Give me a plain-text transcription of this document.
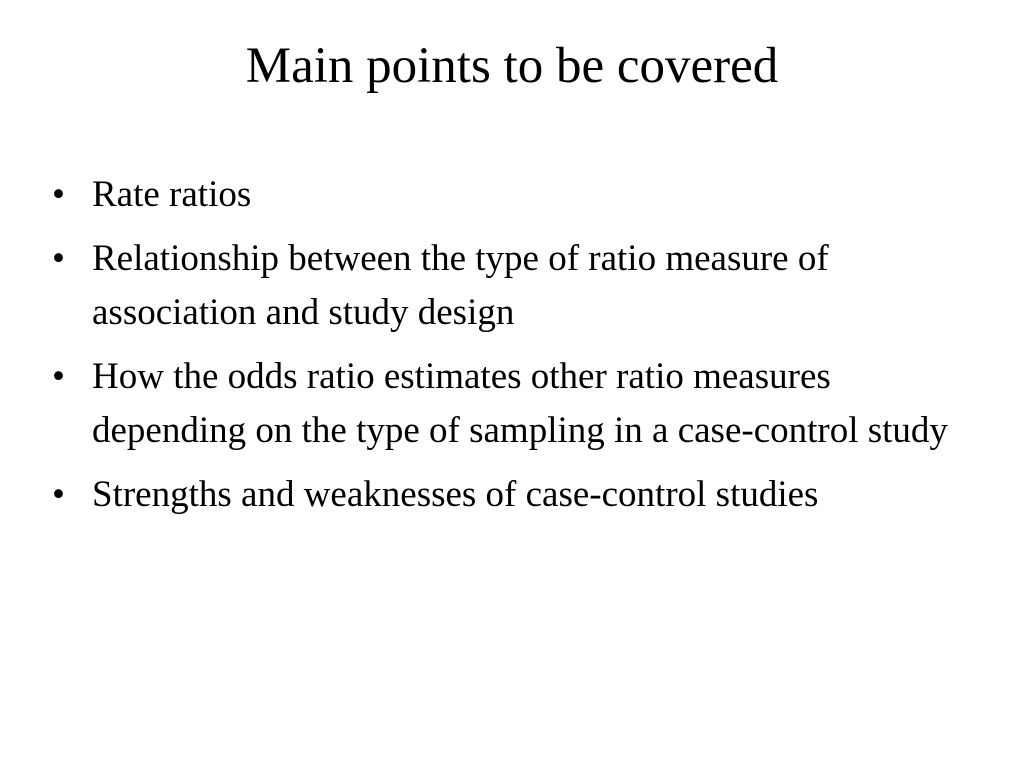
Main points to be covered
• Rate ratios
• Relationship between the type of ratio measure of association and study design
• How the odds ratio estimates other ratio measures depending on the type of sampling in a case-control study
• Strengths and weaknesses of case-control studies
